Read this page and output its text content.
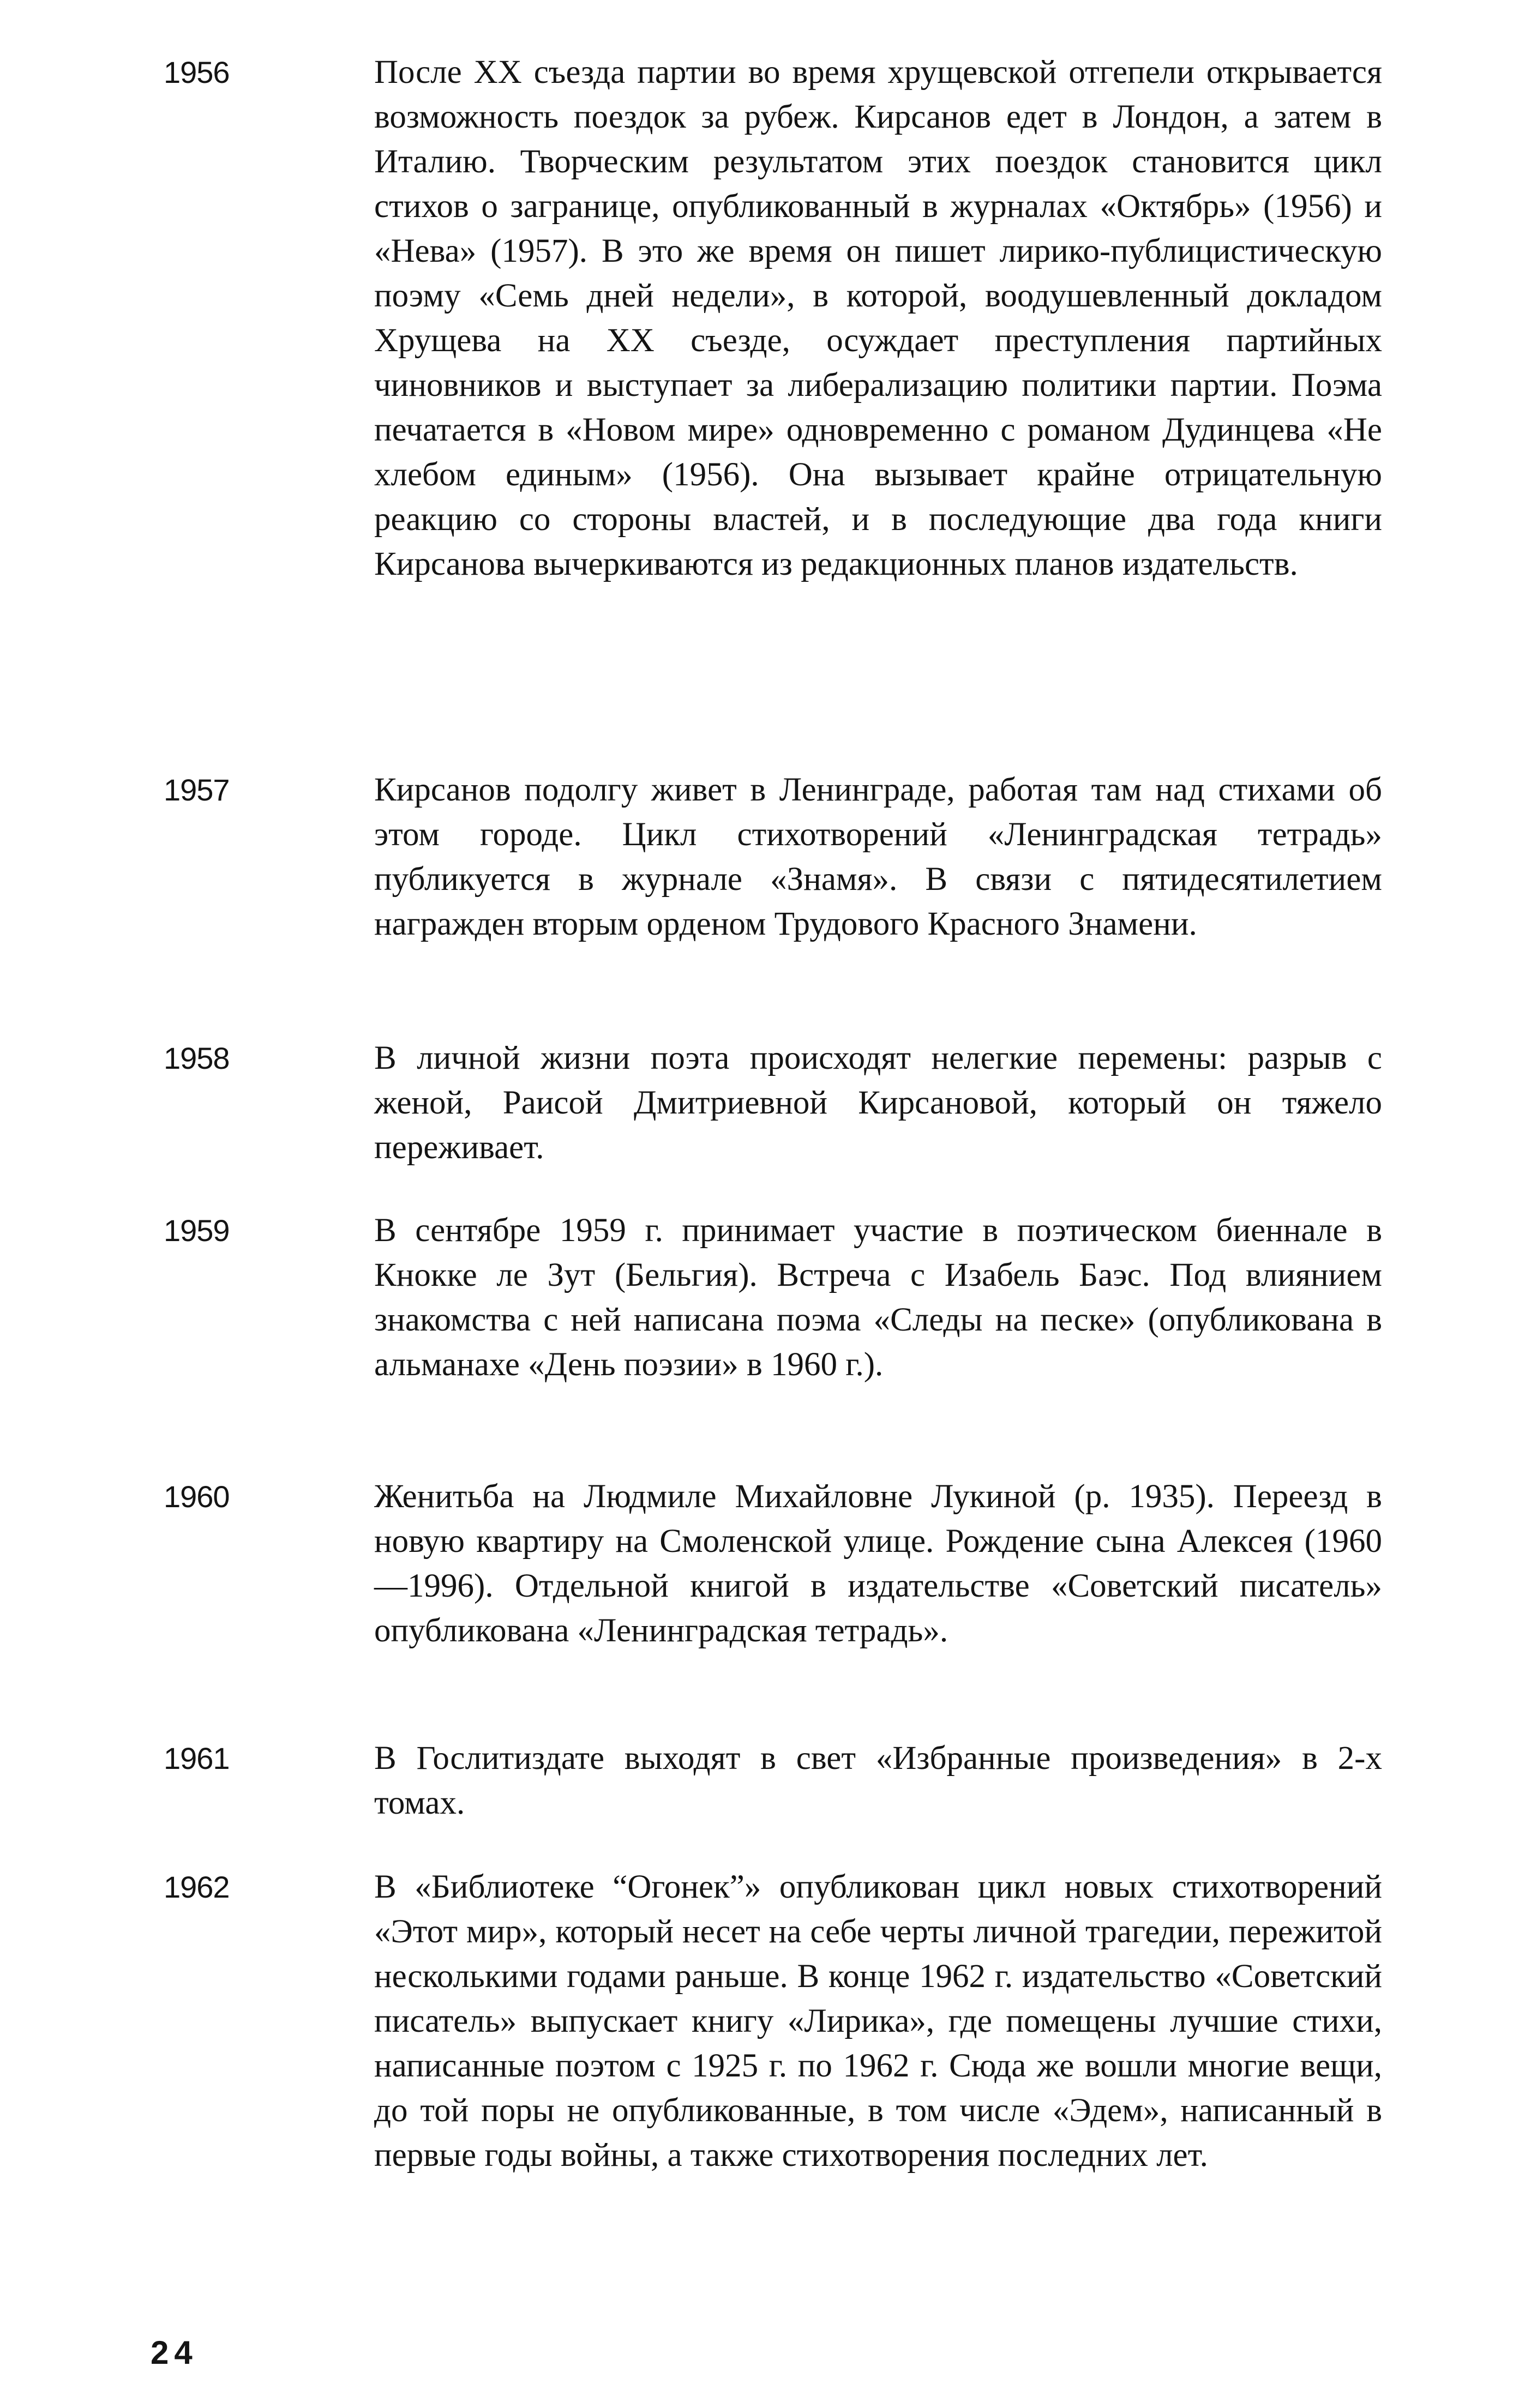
1956	После XX съезда партии во время хрущевской отгепели открывается возможность поездок за рубеж. Кирсанов едет в Лондон, а затем в Италию. Творческим результатом этих поездок становится цикл стихов о загранице, опубликованный в журналах «Октябрь» (1956) и «Нева» (1957). В это же время он пишет лирико-публицистическую поэму «Семь дней недели», в которой, воодушевленный докладом Хрущева на XX съезде, осуждает преступления партийных чиновников и выступает за либерализацию политики партии. Поэма печатается в «Новом мире» одновременно с романом Дудинцева «Не хлебом единым» (1956). Она вызывает крайне отрицательную реакцию со стороны властей, и в последующие два года книги Кирсанова вычеркиваются из редакционных планов издательств.

1957	Кирсанов подолгу живет в Ленинграде, работая там над стихами об этом городе. Цикл стихотворений «Ленинградская тетрадь» публикуется в журнале «Знамя». В связи с пятидесятилетием награжден вторым орденом Трудового Красного Знамени.

1958	В личной жизни поэта происходят нелегкие перемены: разрыв с женой, Раисой Дмитриевной Кирсановой, который он тяжело переживает.

1959	В сентябре 1959 г. принимает участие в поэтическом биеннале в Кнокке ле Зут (Бельгия). Встреча с Изабель Баэс. Под влиянием знакомства с ней написана поэма «Следы на песке» (опубликована в альманахе «День поэзии» в 1960 г.).

1960	Женитьба на Людмиле Михайловне Лукиной (р. 1935). Переезд в новую квартиру на Смоленской улице. Рождение сына Алексея (1960—1996). Отдельной книгой в издательстве «Советский писатель» опубликована «Ленинградская тетрадь».

1961	В Гослитиздате выходят в свет «Избранные произведения» в 2-х томах.

1962	В «Библиотеке “Огонек”» опубликован цикл новых стихотворений «Этот мир», который несет на себе черты личной трагедии, пережитой несколькими годами раньше. В конце 1962 г. издательство «Советский писатель» выпускает книгу «Лирика», где помещены лучшие стихи, написанные поэтом с 1925 г. по 1962 г. Сюда же вошли многие вещи, до той поры не опубликованные, в том числе «Эдем», написанный в первые годы войны, а также стихотворения последних лет.

24
